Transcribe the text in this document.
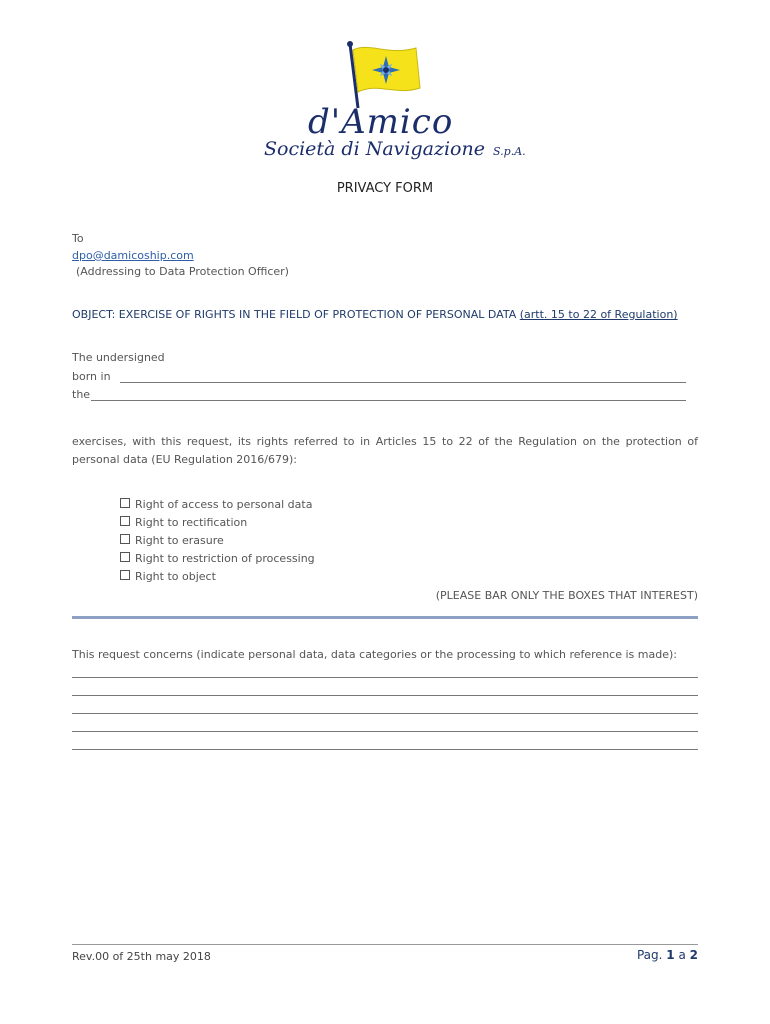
d'Amico
Società di Navigazione S.p.A.
PRIVACY FORM
To
dpo@damicoship.com
(Addressing to Data Protection Officer)
OBJECT: EXERCISE OF RIGHTS IN THE FIELD OF PROTECTION OF PERSONAL DATA (artt. 15 to 22 of Regulation)
The undersigned
born in
the
exercises, with this request, its rights referred to in Articles 15 to 22 of the Regulation on the protection of personal data (EU Regulation 2016/679):
Right of access to personal data
Right to rectification
Right to erasure
Right to restriction of processing
Right to object
(PLEASE BAR ONLY THE BOXES THAT INTEREST)
This request concerns (indicate personal data, data categories or the processing to which reference is made):
Rev.00 of 25th may 2018	Pag. 1 a 2
